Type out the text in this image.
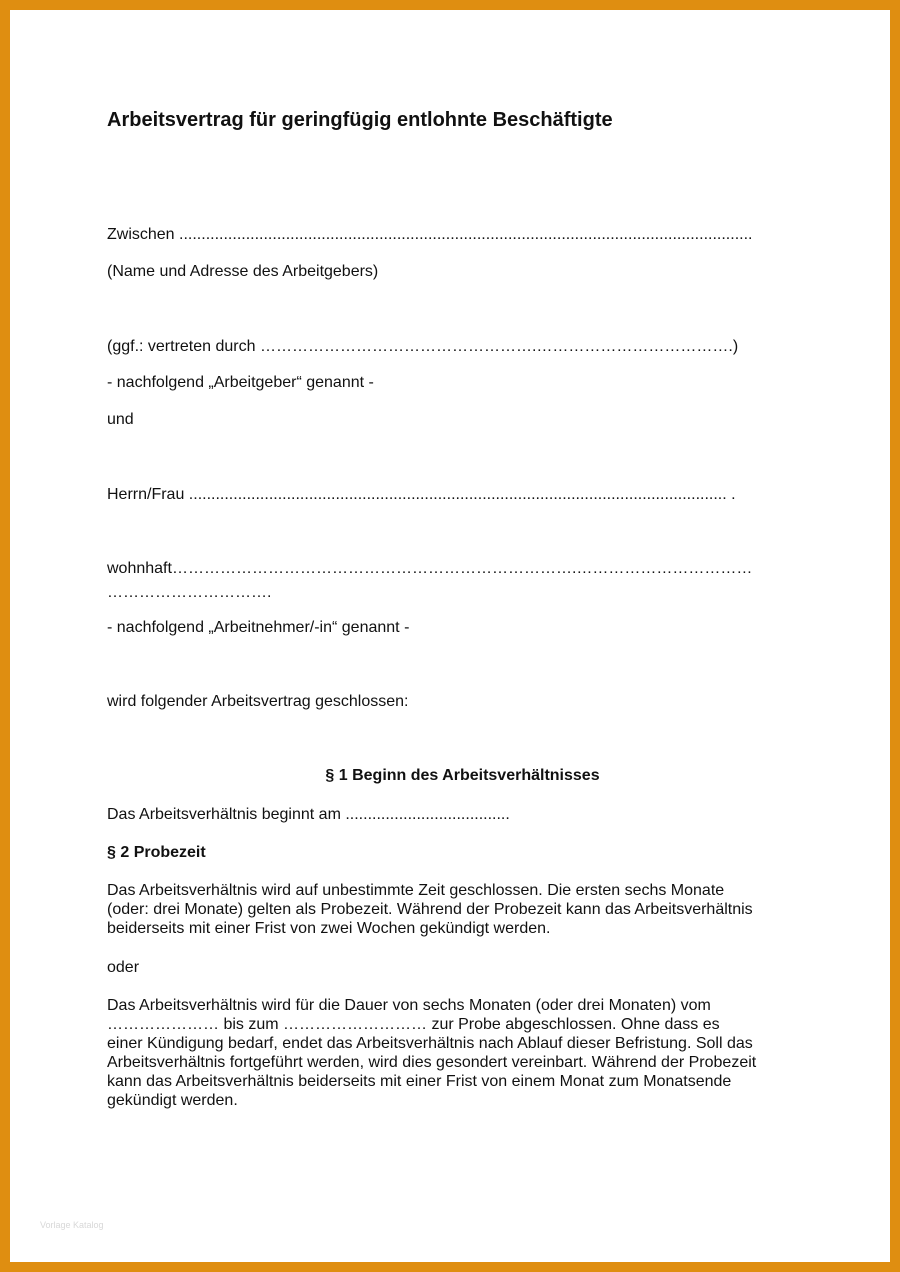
Arbeitsvertrag für geringfügig entlohnte Beschäftigte
Zwischen .................................................................................................................................
(Name und Adresse des Arbeitgebers)
(ggf.: vertreten durch …………………………………………….……………………………….)
- nachfolgend „Arbeitgeber“ genannt -
und
Herrn/Frau ......................................................................................................................... .
wohnhaft………………………………………………………………….……………………………
………………………….
- nachfolgend „Arbeitnehmer/-in“ genannt -
wird folgender Arbeitsvertrag geschlossen:
§ 1 Beginn des Arbeitsverhältnisses
Das Arbeitsverhältnis beginnt am .....................................
§ 2 Probezeit
Das Arbeitsverhältnis wird auf unbestimmte Zeit geschlossen. Die ersten sechs Monate
(oder: drei Monate) gelten als Probezeit. Während der Probezeit kann das Arbeitsverhältnis
beiderseits mit einer Frist von zwei Wochen gekündigt werden.
oder
Das Arbeitsverhältnis wird für die Dauer von sechs Monaten (oder drei Monaten) vom
………………… bis zum ……………………… zur Probe abgeschlossen. Ohne dass es
einer Kündigung bedarf, endet das Arbeitsverhältnis nach Ablauf dieser Befristung. Soll das
Arbeitsverhältnis fortgeführt werden, wird dies gesondert vereinbart. Während der Probezeit
kann das Arbeitsverhältnis beiderseits mit einer Frist von einem Monat zum Monatsende
gekündigt werden.
Vorlage Katalog
